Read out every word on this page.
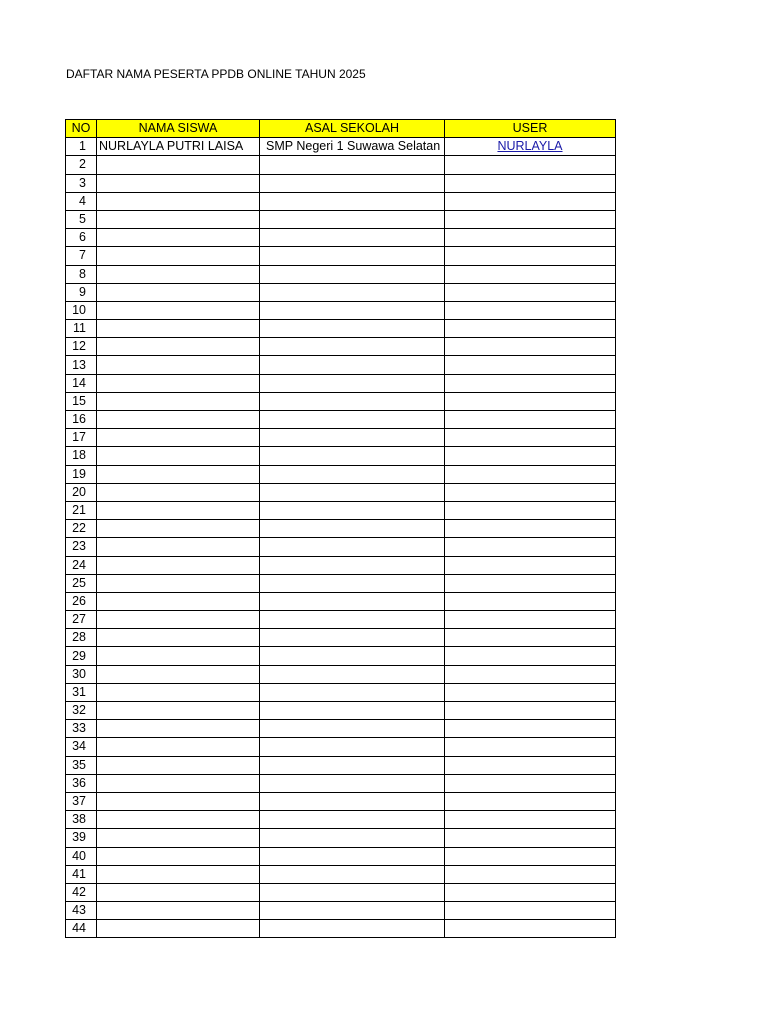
DAFTAR NAMA PESERTA PPDB ONLINE TAHUN 2025
NO	NAMA SISWA	ASAL SEKOLAH	USER
1	NURLAYLA PUTRI LAISA	SMP Negeri 1 Suwawa Selatan	NURLAYLA
2			
3			
4			
5			
6			
7			
8			
9			
10			
11			
12			
13			
14			
15			
16			
17			
18			
19			
20			
21			
22			
23			
24			
25			
26			
27			
28			
29			
30			
31			
32			
33			
34			
35			
36			
37			
38			
39			
40			
41			
42			
43			
44			
